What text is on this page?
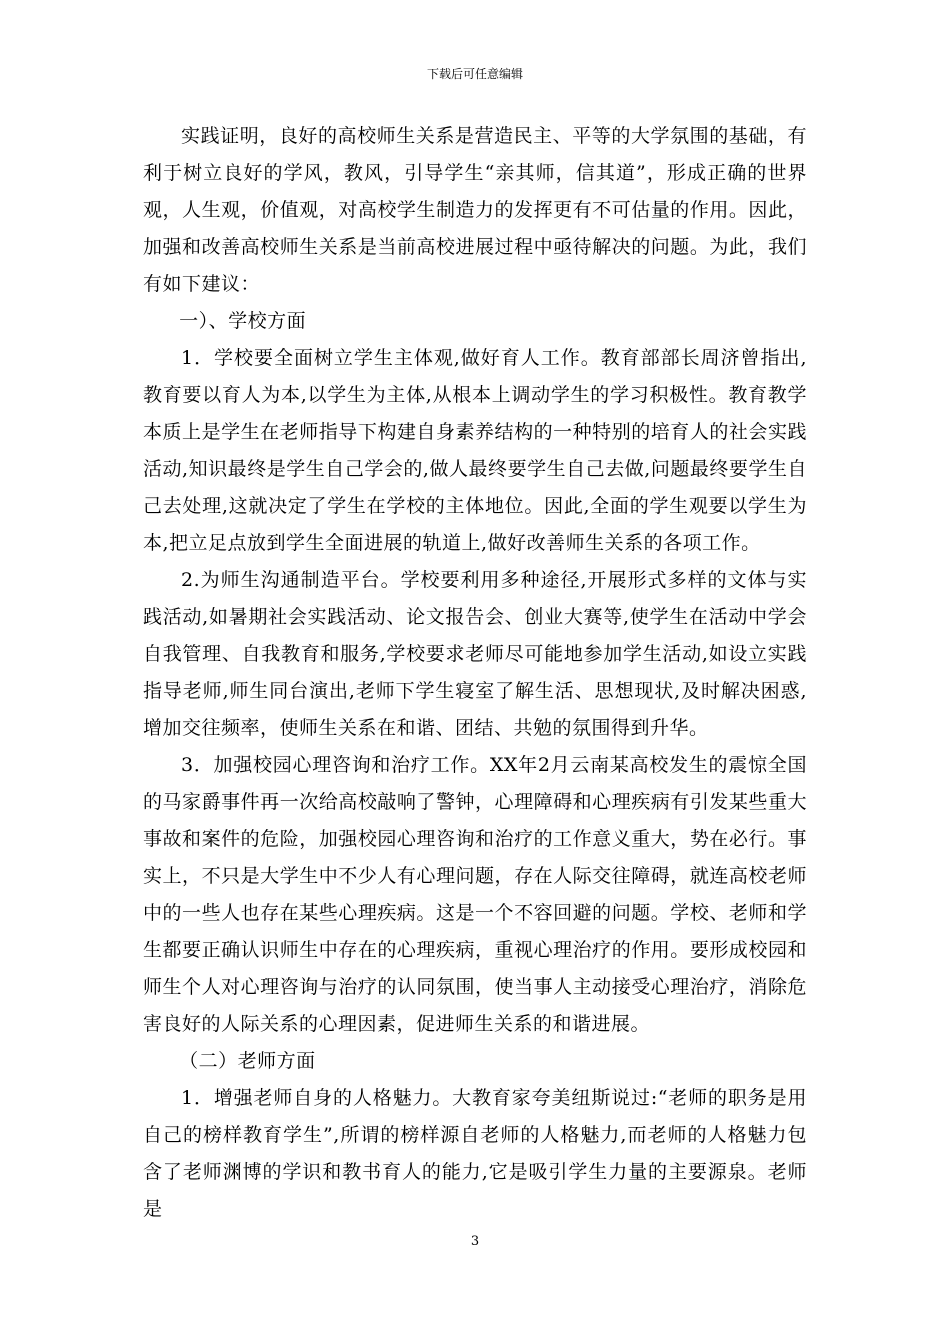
下载后可任意编辑

实践证明，良好的高校师生关系是营造民主、平等的大学氛围的基础，有利于树立良好的学风，教风，引导学生“亲其师，信其道”，形成正确的世界观，人生观，价值观，对高校学生制造力的发挥更有不可估量的作用。因此，加强和改善高校师生关系是当前高校进展过程中亟待解决的问题。为此，我们有如下建议：

一）、学校方面

1．学校要全面树立学生主体观,做好育人工作。教育部部长周济曾指出,教育要以育人为本,以学生为主体,从根本上调动学生的学习积极性。教育教学本质上是学生在老师指导下构建自身素养结构的一种特别的培育人的社会实践活动,知识最终是学生自己学会的,做人最终要学生自己去做,问题最终要学生自己去处理,这就决定了学生在学校的主体地位。因此,全面的学生观要以学生为本,把立足点放到学生全面进展的轨道上,做好改善师生关系的各项工作。

2.为师生沟通制造平台。学校要利用多种途径,开展形式多样的文体与实践活动,如暑期社会实践活动、论文报告会、创业大赛等,使学生在活动中学会自我管理、自我教育和服务,学校要求老师尽可能地参加学生活动,如设立实践指导老师,师生同台演出,老师下学生寝室了解生活、思想现状,及时解决困惑,增加交往频率，使师生关系在和谐、团结、共勉的氛围得到升华。

3．加强校园心理咨询和治疗工作。XX年2月云南某高校发生的震惊全国的马家爵事件再一次给高校敲响了警钟，心理障碍和心理疾病有引发某些重大事故和案件的危险，加强校园心理咨询和治疗的工作意义重大，势在必行。事实上，不只是大学生中不少人有心理问题，存在人际交往障碍，就连高校老师中的一些人也存在某些心理疾病。这是一个不容回避的问题。学校、老师和学生都要正确认识师生中存在的心理疾病，重视心理治疗的作用。要形成校园和师生个人对心理咨询与治疗的认同氛围，使当事人主动接受心理治疗，消除危害良好的人际关系的心理因素，促进师生关系的和谐进展。

（二）老师方面

1．增强老师自身的人格魅力。大教育家夸美纽斯说过:“老师的职务是用自己的榜样教育学生”,所谓的榜样源自老师的人格魅力,而老师的人格魅力包含了老师渊博的学识和教书育人的能力,它是吸引学生力量的主要源泉。老师是

3
